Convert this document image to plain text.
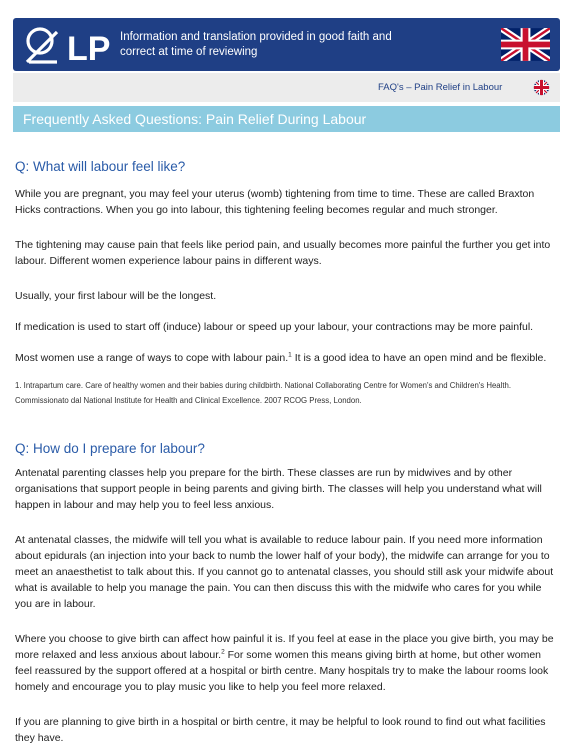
LP Information and translation provided in good faith and correct at time of reviewing
FAQ's – Pain Relief in Labour
Frequently Asked Questions: Pain Relief During Labour
Q: What will labour feel like?

While you are pregnant, you may feel your uterus (womb) tightening from time to time. These are called Braxton Hicks contractions. When you go into labour, this tightening feeling becomes regular and much stronger.

The tightening may cause pain that feels like period pain, and usually becomes more painful the further you get into labour. Different women experience labour pains in different ways.

Usually, your first labour will be the longest.

If medication is used to start off (induce) labour or speed up your labour, your contractions may be more painful.

Most women use a range of ways to cope with labour pain.$^1$ It is a good idea to have an open mind and be flexible.

1. Intrapartum care. Care of healthy women and their babies during childbirth. National Collaborating Centre for Women's and Children's Health. Commissionato dal National Institute for Health and Clinical Excellence. 2007 RCOG Press, London.

Q: How do I prepare for labour?

Antenatal parenting classes help you prepare for the birth. These classes are run by midwives and by other organisations that support people in being parents and giving birth. The classes will help you understand what will happen in labour and may help you to feel less anxious.

At antenatal classes, the midwife will tell you what is available to reduce labour pain. If you need more information about epidurals (an injection into your back to numb the lower half of your body), the midwife can arrange for you to meet an anaesthetist to talk about this. If you cannot go to antenatal classes, you should still ask your midwife about what is available to help you manage the pain. You can then discuss this with the midwife who cares for you while you are in labour.

Where you choose to give birth can affect how painful it is. If you feel at ease in the place you give birth, you may be more relaxed and less anxious about labour.$^2$ For some women this means giving birth at home, but other women feel reassured by the support offered at a hospital or birth centre. Many hospitals try to make the labour rooms look homely and encourage you to play music you like to help you feel more relaxed.

If you are planning to give birth in a hospital or birth centre, it may be helpful to look round to find out what facilities they have.
